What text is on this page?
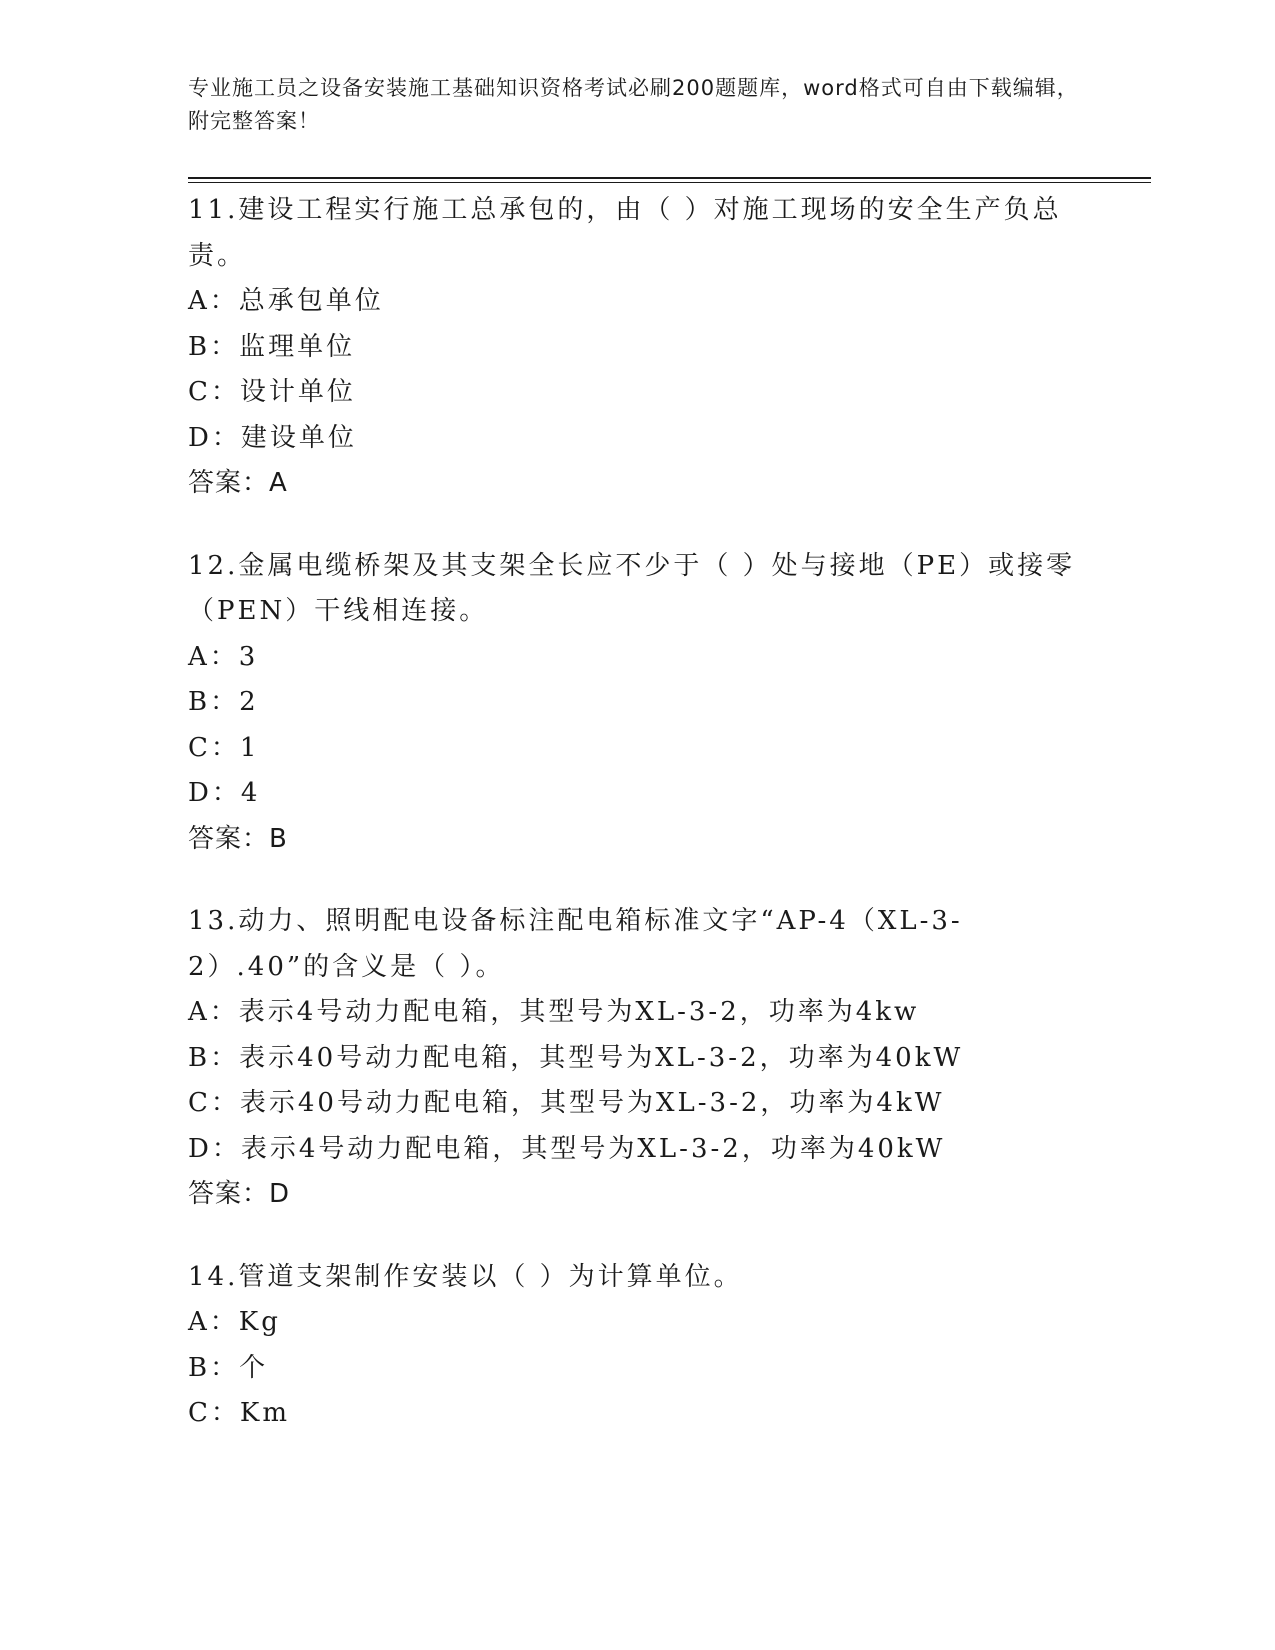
专业施工员之设备安装施工基础知识资格考试必刷200题题库，word格式可自由下载编辑，附完整答案！

11.建设工程实行施工总承包的，由（ ）对施工现场的安全生产负总责。

A：总承包单位

B：监理单位

C：设计单位

D：建设单位

答案：A

12.金属电缆桥架及其支架全长应不少于（ ）处与接地（PE）或接零（PEN）干线相连接。

A：3

B：2

C：1

D：4

答案：B

13.动力、照明配电设备标注配电箱标准文字“AP-4（XL-3-2）.40”的含义是（ ）。

A：表示4号动力配电箱，其型号为XL-3-2，功率为4kw

B：表示40号动力配电箱，其型号为XL-3-2，功率为40kW

C：表示40号动力配电箱，其型号为XL-3-2，功率为4kW

D：表示4号动力配电箱，其型号为XL-3-2，功率为40kW

答案：D

14.管道支架制作安装以（ ）为计算单位。

A：Kg

B：个

C：Km
